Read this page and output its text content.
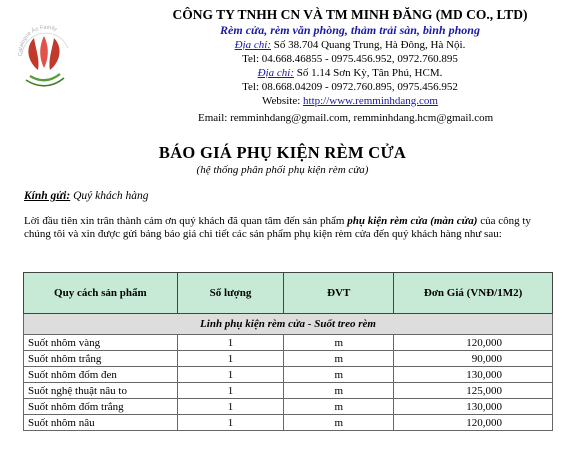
Catalogue Ảo Family
CÔNG TY TNHH CN VÀ TM MINH ĐĂNG (MD CO., LTD)
Rèm cửa, rèm văn phòng, thảm trải sàn, bình phong
Địa chỉ: Số 38.704 Quang Trung, Hà Đông, Hà Nội.
Tel: 04.668.46855 - 0975.456.952, 0972.760.895
Địa chỉ: Số 1.14 Sơn Kỳ, Tân Phú, HCM.
Tel: 08.668.04209 - 0972.760.895, 0975.456.952
Website: http://www.remminhdang.com
Email: remminhdang@gmail.com, remminhdang.hcm@gmail.com
BÁO GIÁ PHỤ KIỆN RÈM CỬA
(hệ thống phân phối phụ kiện rèm cửa)
Kính gửi: Quý khách hàng
Lời đầu tiên xin trân thành cảm ơn quý khách đã quan tâm đến sản phẩm phụ kiện rèm cửa (màn cửa) của công ty chúng tôi và xin được gửi bảng báo giá chi tiết các sản phẩm phụ kiện rèm cửa đến quý khách hàng như sau:
Quy cách sản phẩm	Số lượng	ĐVT	Đơn Giá (VNĐ/1M2)
Linh phụ kiện rèm cửa - Suốt treo rèm			
Suốt nhôm vàng	1	m	120,000
Suốt nhôm trắng	1	m	90,000
Suốt nhôm đốm đen	1	m	130,000
Suốt nghệ thuật nâu to	1	m	125,000
Suốt nhôm đốm trắng	1	m	130,000
Suốt nhôm nâu	1	m	120,000
